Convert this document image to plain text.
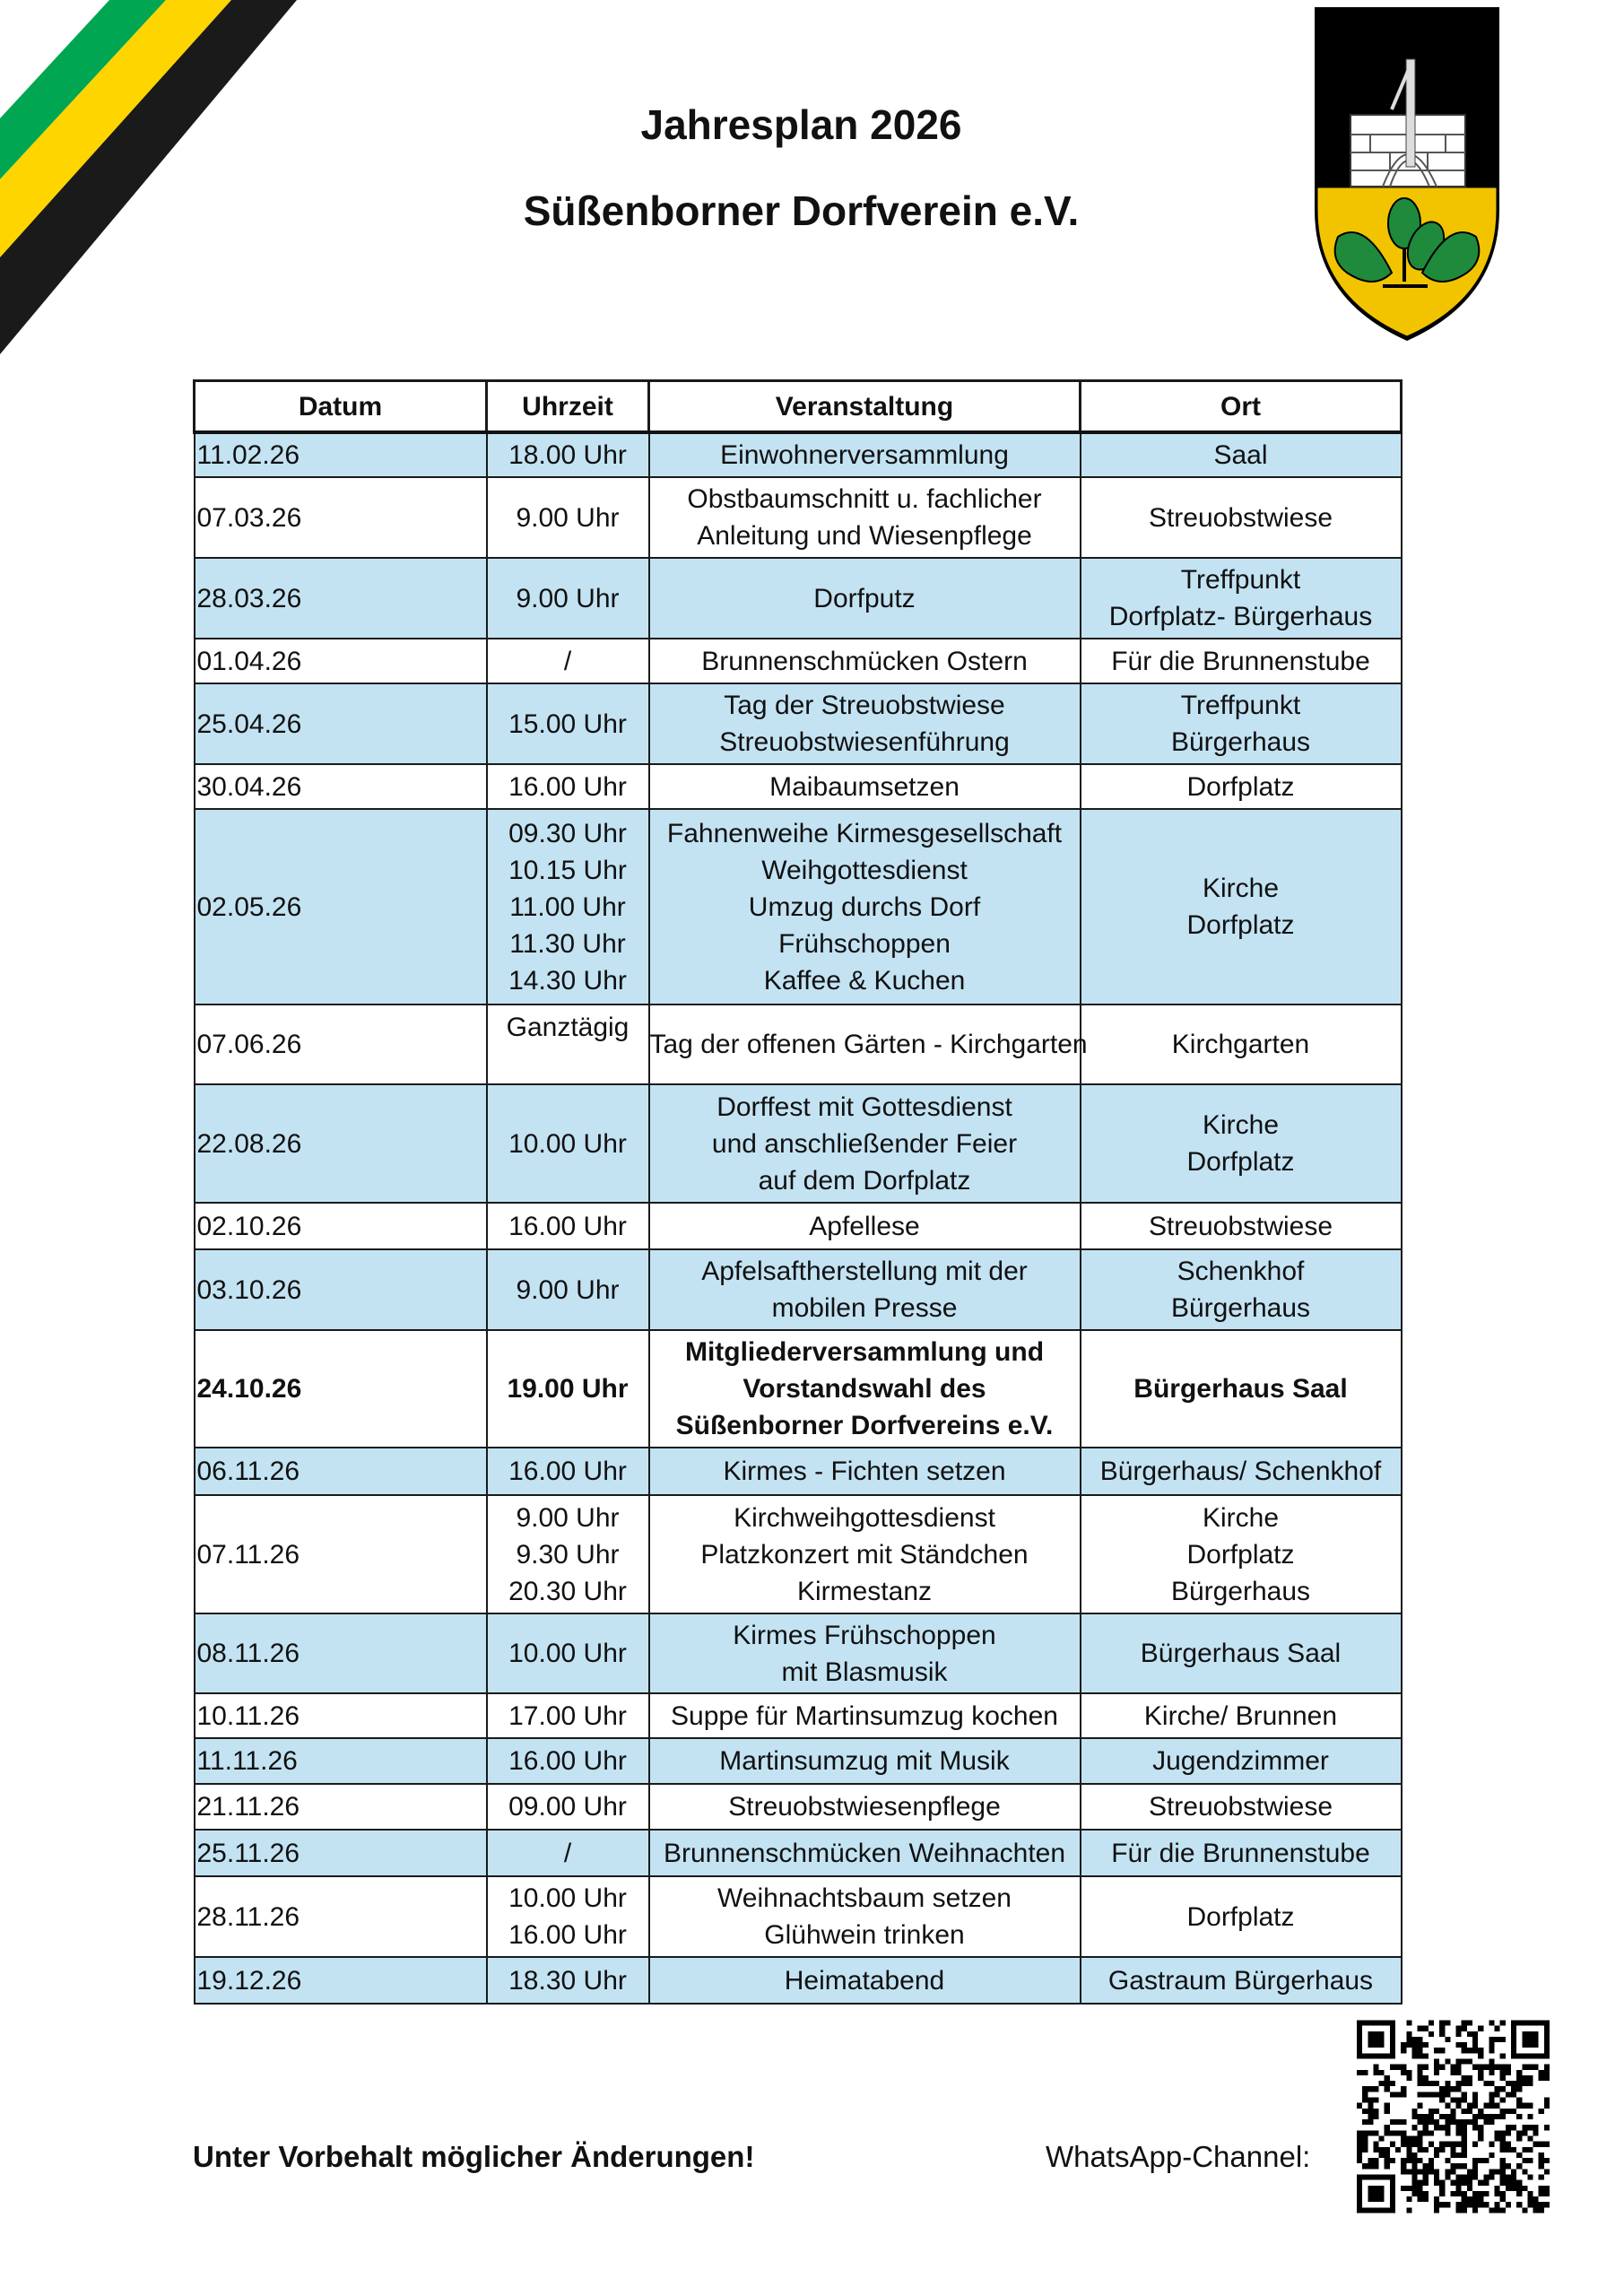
Jahresplan 2026
Süßenborner Dorfverein e.V.
Datum	Uhrzeit	Veranstaltung	Ort
11.02.26	18.00 Uhr	Einwohnerversammlung	Saal

07.03.26	9.00 Uhr	Obstbaumschnitt u. fachlicher
Anleitung und Wiesenpflege	Streuobstwiese

28.03.26	9.00 Uhr	Dorfputz	Treffpunkt
Dorfplatz- Bürgerhaus

01.04.26	/	Brunnenschmücken Ostern	Für die Brunnenstube

25.04.26	15.00 Uhr	Tag der Streuobstwiese
Streuobstwiesenführung	Treffpunkt
Bürgerhaus

30.04.26	16.00 Uhr	Maibaumsetzen	Dorfplatz

02.05.26	09.30 Uhr
10.15 Uhr
11.00 Uhr
11.30 Uhr
14.30 Uhr	Fahnenweihe Kirmesgesellschaft
Weihgottesdienst
Umzug durchs Dorf
Frühschoppen
Kaffee & Kuchen	Kirche
Dorfplatz

07.06.26	Ganztägig	Tag der offenen Gärten - Kirchgarten	Kirchgarten

22.08.26	10.00 Uhr	Dorffest mit Gottesdienst
und anschließender Feier
auf dem Dorfplatz	Kirche
Dorfplatz

02.10.26	16.00 Uhr	Apfellese	Streuobstwiese

03.10.26	9.00 Uhr	Apfelsaftherstellung mit der
mobilen Presse	Schenkhof
Bürgerhaus

24.10.26	19.00 Uhr	Mitgliederversammlung und
Vorstandswahl des
Süßenborner Dorfvereins e.V.	Bürgerhaus Saal

06.11.26	16.00 Uhr	Kirmes - Fichten setzen	Bürgerhaus/ Schenkhof

07.11.26	9.00 Uhr
9.30 Uhr
20.30 Uhr	Kirchweihgottesdienst
Platzkonzert mit Ständchen
Kirmestanz	Kirche
Dorfplatz
Bürgerhaus

08.11.26	10.00 Uhr	Kirmes Frühschoppen
mit Blasmusik	Bürgerhaus Saal

10.11.26	17.00 Uhr	Suppe für Martinsumzug kochen	Kirche/ Brunnen

11.11.26	16.00 Uhr	Martinsumzug mit Musik	Jugendzimmer

21.11.26	09.00 Uhr	Streuobstwiesenpflege	Streuobstwiese

25.11.26	/	Brunnenschmücken Weihnachten	Für die Brunnenstube

28.11.26	10.00 Uhr
16.00 Uhr	Weihnachtsbaum setzen
Glühwein trinken	Dorfplatz

19.12.26	18.30 Uhr	Heimatabend	Gastraum Bürgerhaus
Unter Vorbehalt möglicher Änderungen!	WhatsApp-Channel:
